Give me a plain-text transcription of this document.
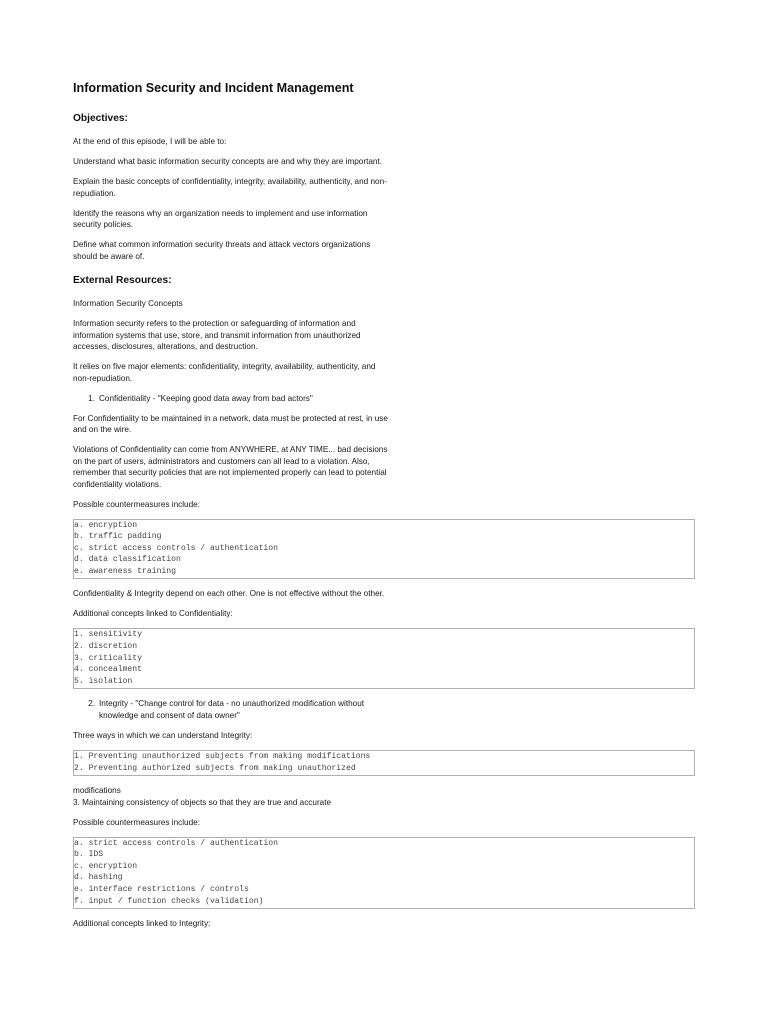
Information Security and Incident Management
Objectives:

At the end of this episode, I will be able to:

Understand what basic information security concepts are and why they are important.

Explain the basic concepts of confidentiality, integrity, availability, authenticity, and non-repudiation.

Identify the reasons why an organization needs to implement and use information security policies.

Define what common information security threats and attack vectors organizations should be aware of.

External Resources:

Information Security Concepts

Information security refers to the protection or safeguarding of information and information systems that use, store, and transmit information from unauthorized accesses, disclosures, alterations, and destruction.

It relies on five major elements: confidentiality, integrity, availability, authenticity, and non-repudiation.

1. Confidentiality - "Keeping good data away from bad actors"

For Confidentiality to be maintained in a network, data must be protected at rest, in use and on the wire.

Violations of Confidentiality can come from ANYWHERE, at ANY TIME... bad decisions on the part of users, administrators and customers can all lead to a violation. Also, remember that security policies that are not implemented properly can lead to potential confidentiality violations.

Possible countermeasures include:

a. encryption
b. traffic padding
c. strict access controls / authentication
d. data classification
e. awareness training

Confidentiality & Integrity depend on each other. One is not effective without the other.

Additional concepts linked to Confidentiality:

1. sensitivity
2. discretion
3. criticality
4. concealment
5. isolation
2. Integrity - "Change control for data - no unauthorized modification without knowledge and consent of data owner"

Three ways in which we can understand Integrity:

1. Preventing unauthorized subjects from making modifications
2. Preventing authorized subjects from making unauthorized

modifications

3. Maintaining consistency of objects so that they are true and accurate

Possible countermeasures include:

a. strict access controls / authentication
b. IDS
c. encryption
d. hashing
e. interface restrictions / controls
f. input / function checks (validation)

Additional concepts linked to Integrity:
